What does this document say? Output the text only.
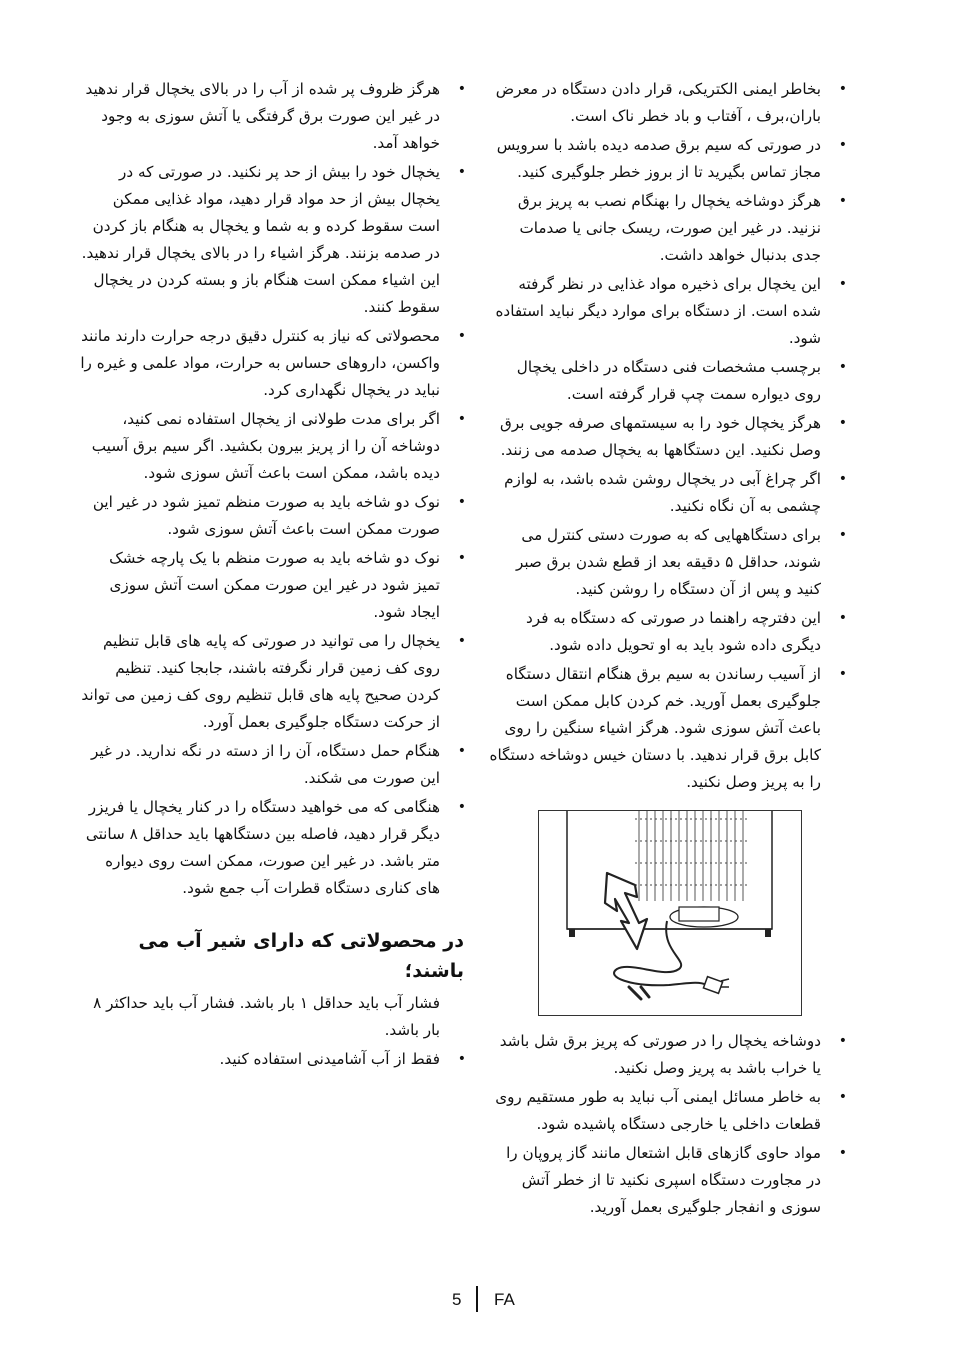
• بخاطر ایمنی الکتریکی، قرار دادن دستگاه در معرض باران،برف ، آفتاب و باد خطر ناک است.
• در صورتی که سیم برق صدمه دیده باشد با سرویس مجاز تماس بگیرید تا از بروز خطر جلوگیری کنید.
• هرگز دوشاخه یخچال را بهنگام نصب به پریز برق نزنید. در غیر این صورت، ریسک جانی یا صدمات جدی بدنبال خواهد داشت.
• این یخچال برای ذخیره مواد غذایی در نظر گرفته شده است. از دستگاه برای موارد دیگر نباید استفاده شود.
• برچسب مشخصات فنی دستگاه در داخلی یخچال روی دیواره سمت چپ قرار گرفته است.
• هرگز یخچال خود را به سیستمهای صرفه جویی برق وصل نکنید. این دستگاهها به یخچال صدمه می زنند.
• اگر چراغ آبی در یخچال روشن شده باشد، به لوازم چشمی به آن نگاه نکنید.
• برای دستگاههایی که به صورت دستی کنترل می شوند، حداقل ۵ دقیقه بعد از قطع شدن برق صبر کنید و پس از آن دستگاه را روشن کنید.
• این دفترچه راهنما در صورتی که دستگاه به فرد دیگری داده شود باید به او تحویل داده شود.
• از آسیب رساندن به سیم برق هنگام انتقال دستگاه جلوگیری بعمل آورید. خم کردن کابل ممکن است باعث آتش سوزی شود. هرگز اشیاء سنگین را روی کابل برق قرار ندهید. با دستان خیس دوشاخه دستگاه را به پریز وصل نکنید.
• دوشاخه یخچال را در صورتی که پریز برق شل باشد یا خراب باشد به پریز وصل نکنید.
• به خاطر مسائل ایمنی آب نباید به طور مستقیم روی قطعات داخلی یا خارجی دستگاه پاشیده شود.
• مواد حاوی گازهای قابل اشتعال مانند گاز پروپان را در مجاورت دستگاه اسپری نکنید تا از خطر آتش سوزی و انفجار جلوگیری بعمل آورید.
• هرگز ظروف پر شده از آب را در بالای یخچال قرار ندهید در غیر این صورت برق گرفتگی یا آتش سوزی به وجود خواهد آمد.
• یخچال خود را بیش از حد پر نکنید. در صورتی که در یخچال بیش از حد مواد قرار دهید، مواد غذایی ممکن است سقوط کرده و به شما و یخچال به هنگام باز کردن در صدمه بزنند. هرگز اشیاء را در بالای یخچال قرار ندهید. این اشیاء ممکن است هنگام باز و بسته کردن در یخچال سقوط کنند.
• محصولاتی که نیاز به کنترل دقیق درجه حرارت دارند مانند واکسن، داروهای حساس به حرارت، مواد علمی و غیره را نباید در یخچال نگهداری کرد.
• اگر برای مدت طولانی از یخچال استفاده نمی کنید، دوشاخه آن را از پریز بیرون بکشید. اگر سیم برق آسیب دیده باشد، ممکن است باعث آتش سوزی شود.
• نوک دو شاخه باید به صورت منظم تمیز شود در غیر این صورت ممکن است باعث آتش سوزی شود.
• نوک دو شاخه باید به صورت منظم با یک پارچه خشک تمیز شود در غیر این صورت ممکن است آتش سوزی ایجاد شود.
• یخچال را می توانید در صورتی که پایه های قابل تنظیم روی کف زمین قرار نگرفته باشند، جابجا کنید. تنظیم کردن صحیح پایه های قابل تنظیم روی کف زمین می تواند از حرکت دستگاه جلوگیری بعمل آورد.
• هنگام حمل دستگاه، آن را از دسته در نگه ندارید. در غیر این صورت می شکند.
• هنگامی که می خواهید دستگاه را در کنار یخچال یا فریزر دیگر قرار دهید، فاصله بین دستگاهها باید حداقل ۸ سانتی متر باشد. در غیر این صورت، ممکن است روی دیواره های کناری دستگاه قطرات آب جمع شود.
در محصولاتی که دارای شیر آب می باشند؛

فشار آب باید حداقل ۱ بار باشد. فشار آب باید حداکثر ۸ بار باشد.

• فقط از آب آشامیدنی استفاده کنید.
5 FA
